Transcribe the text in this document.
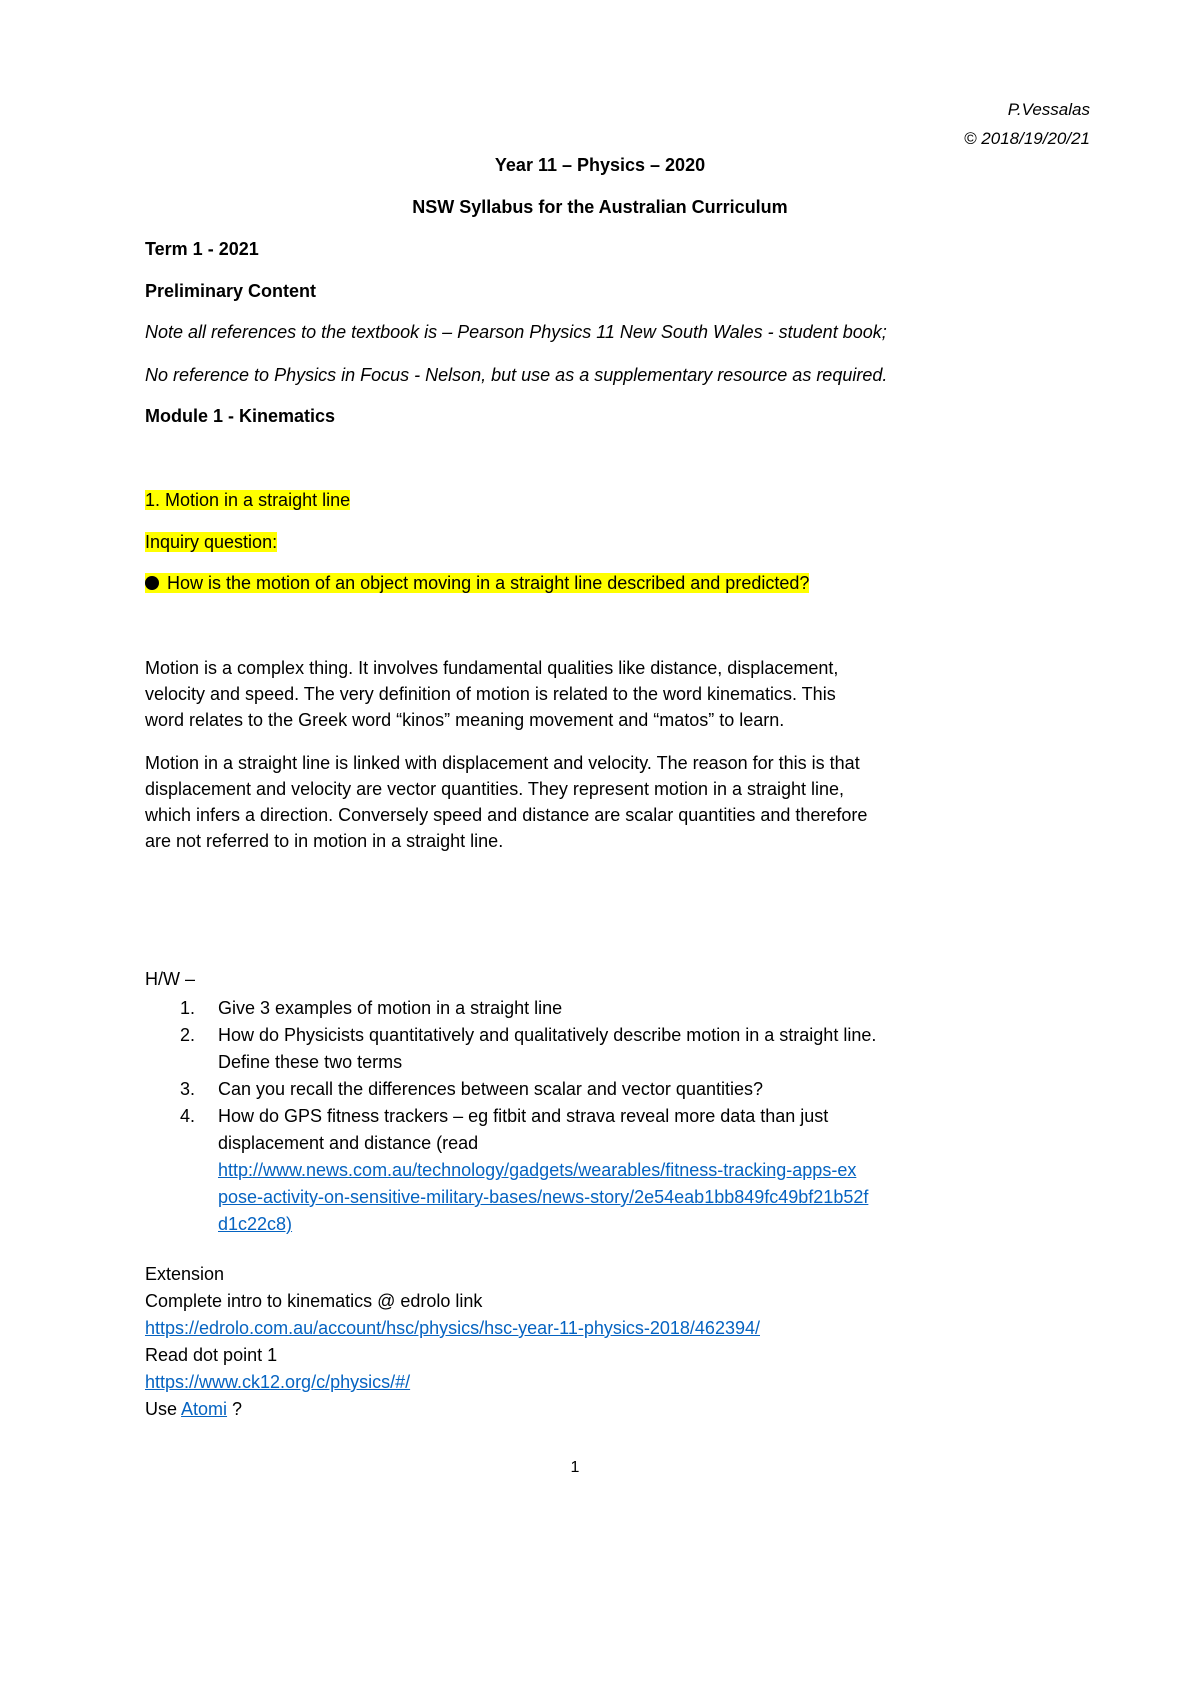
P.Vessalas
© 2018/19/20/21
Year 11 – Physics – 2020
NSW Syllabus for the Australian Curriculum
Term 1 - 2021
Preliminary Content
Note all references to the textbook is – Pearson Physics 11 New South Wales - student book;
No reference to Physics in Focus - Nelson, but use as a supplementary resource as required.
Module 1 - Kinematics
1. Motion in a straight line
Inquiry question:
How is the motion of an object moving in a straight line described and predicted?
Motion is a complex thing. It involves fundamental qualities like distance, displacement,
velocity and speed. The very definition of motion is related to the word kinematics. This
word relates to the Greek word “kinos” meaning movement and “matos” to learn.
Motion in a straight line is linked with displacement and velocity. The reason for this is that
displacement and velocity are vector quantities. They represent motion in a straight line,
which infers a direction. Conversely speed and distance are scalar quantities and therefore
are not referred to in motion in a straight line.
H/W –
1. Give 3 examples of motion in a straight line
2. How do Physicists quantitatively and qualitatively describe motion in a straight line.
Define these two terms
3. Can you recall the differences between scalar and vector quantities?
4. How do GPS fitness trackers – eg fitbit and strava reveal more data than just
displacement and distance (read
http://www.news.com.au/technology/gadgets/wearables/fitness-tracking-apps-ex
pose-activity-on-sensitive-military-bases/news-story/2e54eab1bb849fc49bf21b52f
d1c22c8)
Extension
Complete intro to kinematics @ edrolo link
https://edrolo.com.au/account/hsc/physics/hsc-year-11-physics-2018/462394/
Read dot point 1
https://www.ck12.org/c/physics/#/
Use Atomi ?
1
